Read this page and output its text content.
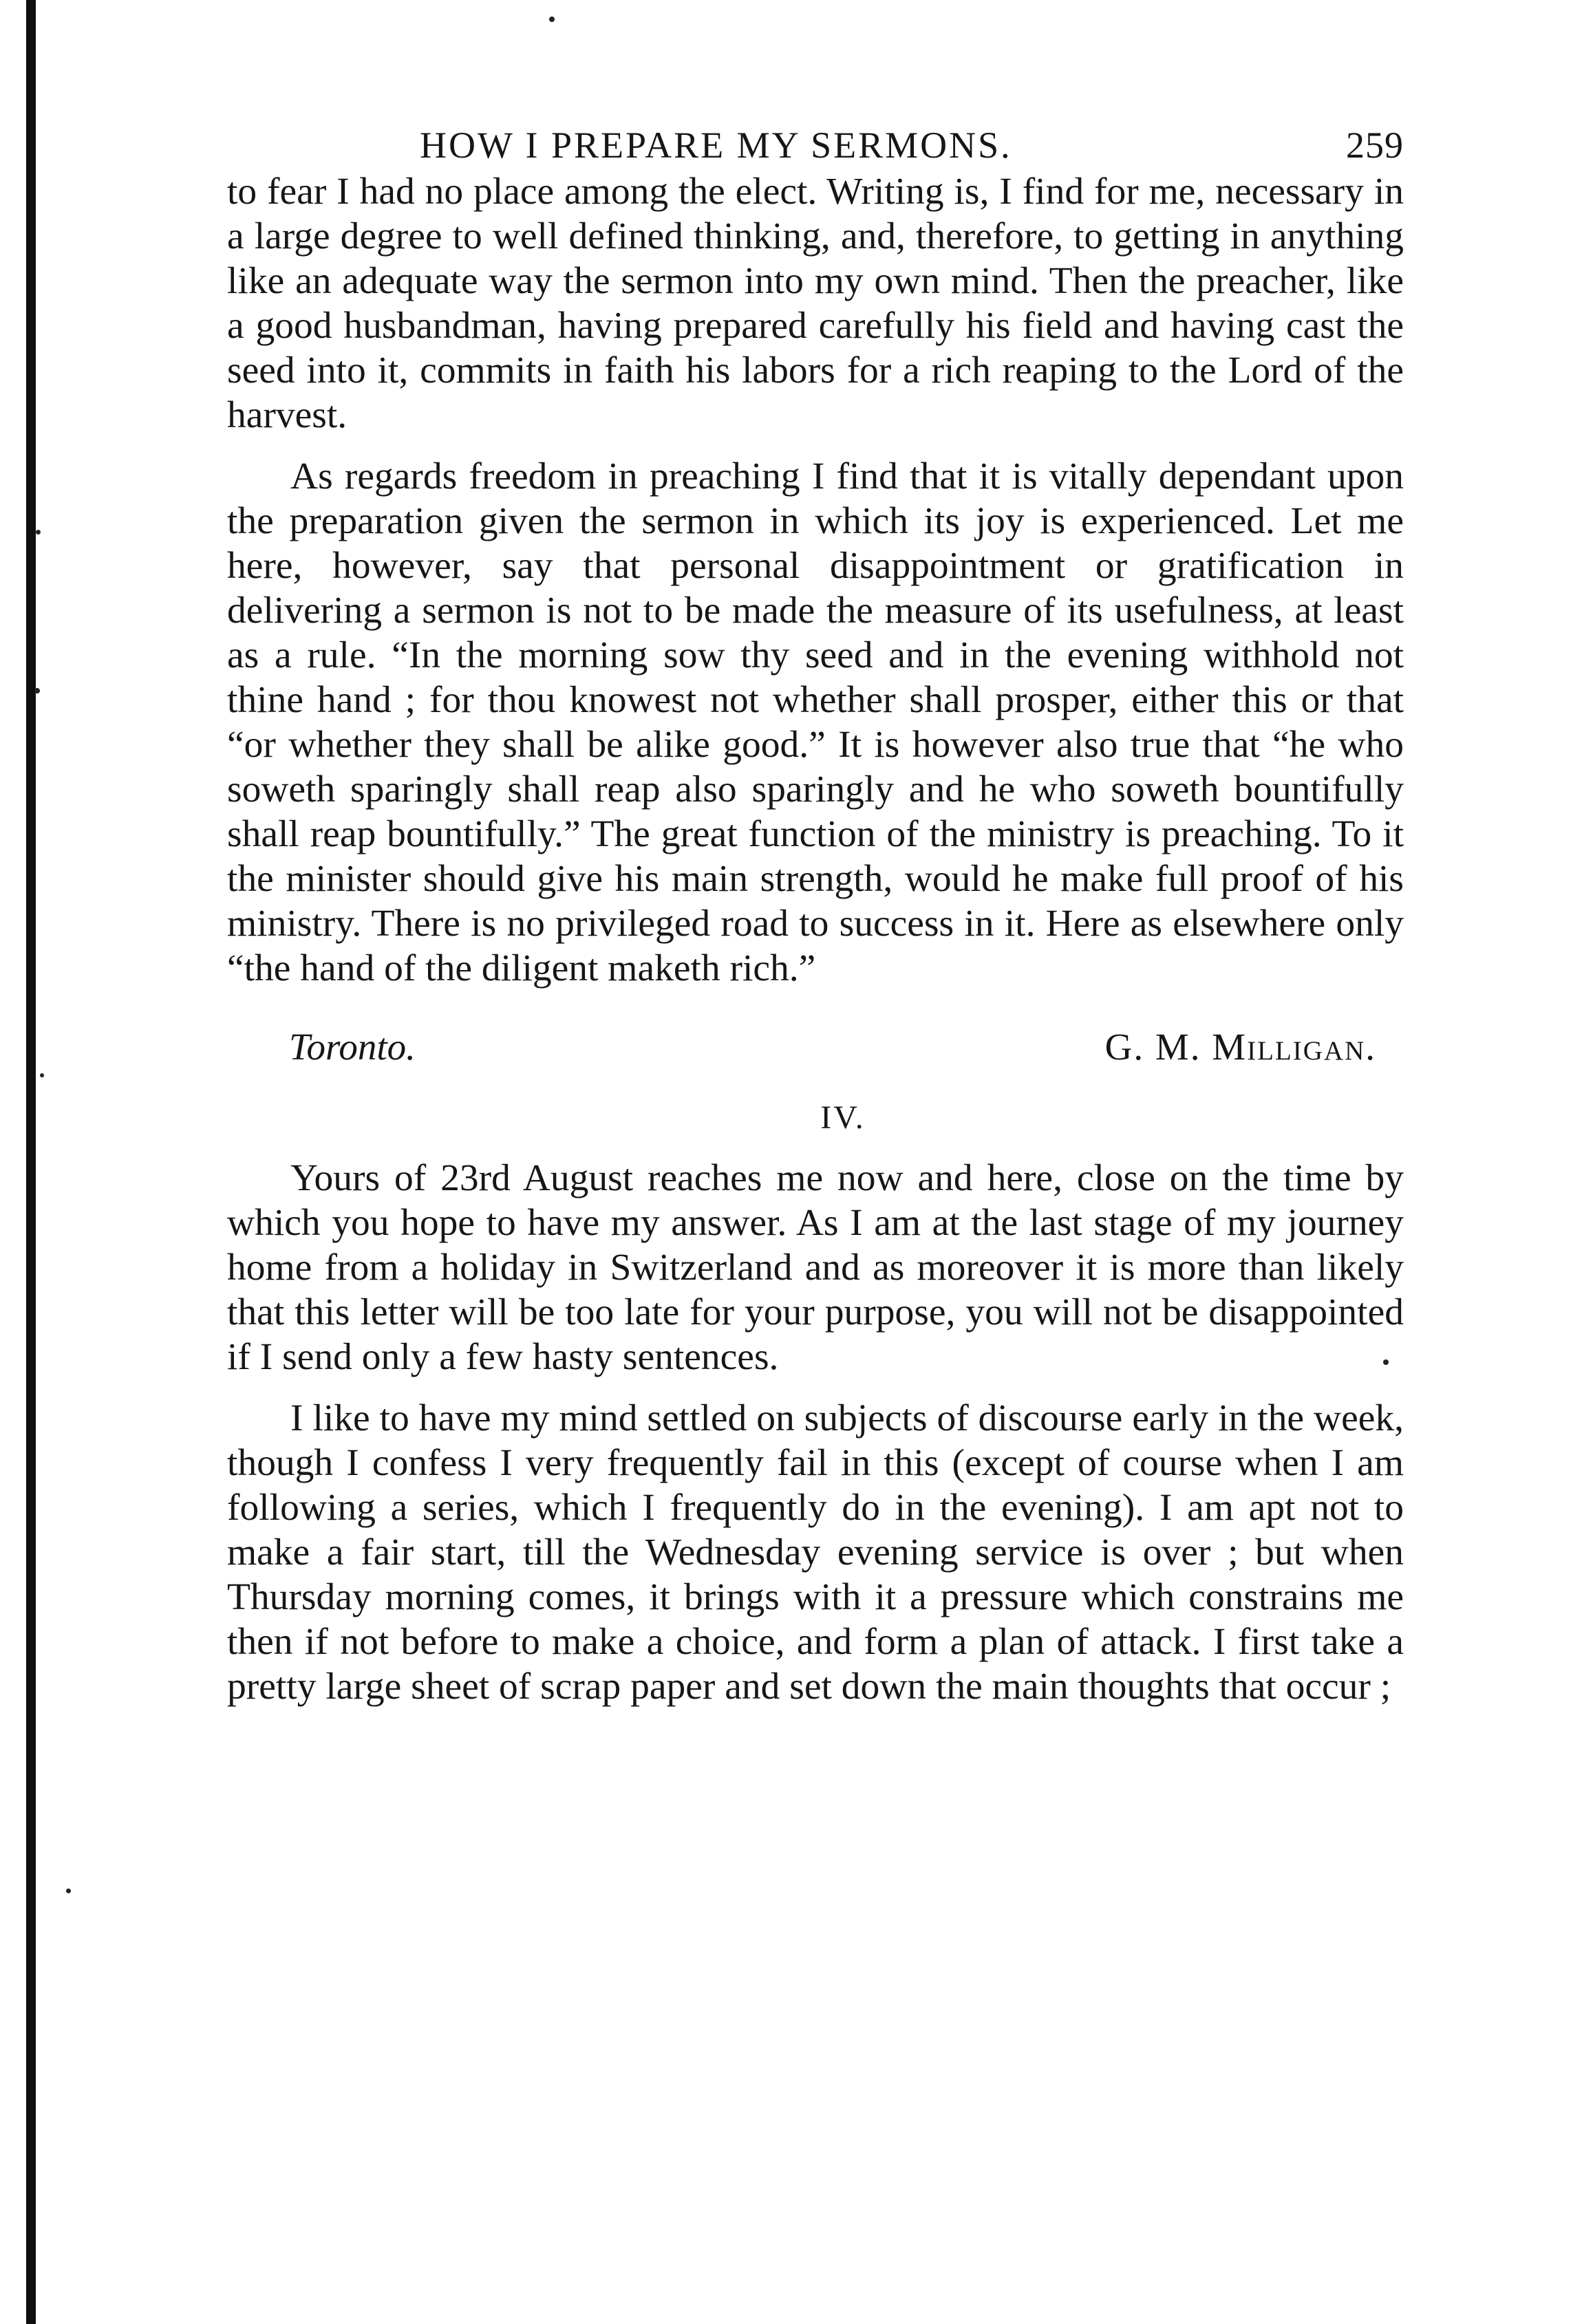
HOW I PREPARE MY SERMONS.	259

to fear I had no place among the elect. Writing is, I find for me, necessary in a large degree to well defined thinking, and, therefore, to getting in anything like an adequate way the sermon into my own mind. Then the preacher, like a good husbandman, having prepared carefully his field and having cast the seed into it, commits in faith his labors for a rich reaping to the Lord of the harvest.

As regards freedom in preaching I find that it is vitally dependant upon the preparation given the sermon in which its joy is experienced. Let me here, however, say that personal disappointment or gratification in delivering a sermon is not to be made the measure of its usefulness, at least as a rule. “In the morning sow thy seed and in the evening withhold not thine hand ; for thou knowest not whether shall prosper, either this or that “or whether they shall be alike good.” It is however also true that “he who soweth sparingly shall reap also sparingly and he who soweth bountifully shall reap bountifully.” The great function of the ministry is preaching. To it the minister should give his main strength, would he make full proof of his ministry. There is no privileged road to success in it. Here as elsewhere only “the hand of the diligent maketh rich.”

Toronto.	G. M. Milligan.
IV.

Yours of 23rd August reaches me now and here, close on the time by which you hope to have my answer. As I am at the last stage of my journey home from a holiday in Switzerland and as moreover it is more than likely that this letter will be too late for your purpose, you will not be disappointed if I send only a few hasty sentences.

I like to have my mind settled on subjects of discourse early in the week, though I confess I very frequently fail in this (except of course when I am following a series, which I frequently do in the evening). I am apt not to make a fair start, till the Wednesday evening service is over ; but when Thursday morning comes, it brings with it a pressure which constrains me then if not before to make a choice, and form a plan of attack. I first take a pretty large sheet of scrap paper and set down the main thoughts that occur ;
